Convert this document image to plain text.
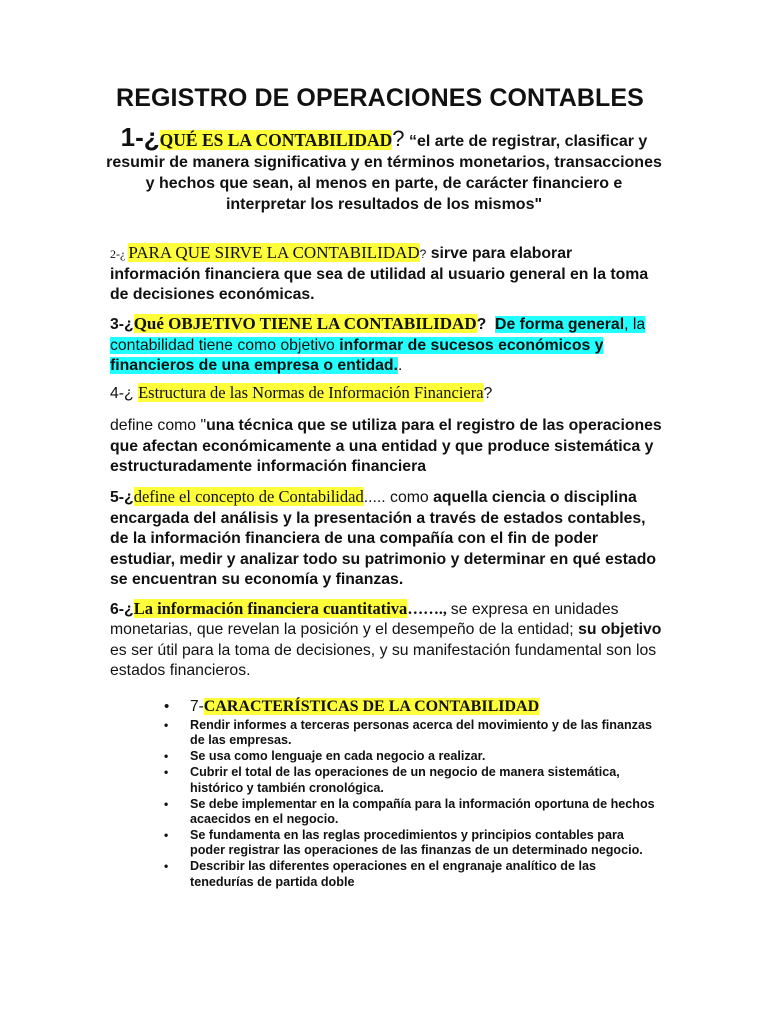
REGISTRO DE OPERACIONES CONTABLES
1-¿QUÉ ES LA CONTABILIDAD? “el arte de registrar, clasificar y resumir de manera significativa y en términos monetarios, transacciones y hechos que sean, al menos en parte, de carácter financiero e interpretar los resultados de los mismos"
2-¿ PARA QUE SIRVE LA CONTABILIDAD? sirve para elaborar información financiera que sea de utilidad al usuario general en la toma de decisiones económicas.
3-¿Qué OBJETIVO TIENE LA CONTABILIDAD? De forma general, la contabilidad tiene como objetivo informar de sucesos económicos y financieros de una empresa o entidad..
4-¿ Estructura de las Normas de Información Financiera?
define como "una técnica que se utiliza para el registro de las operaciones que afectan económicamente a una entidad y que produce sistemática y estructuradamente información financiera
5-¿define el concepto de Contabilidad..... como aquella ciencia o disciplina encargada del análisis y la presentación a través de estados contables, de la información financiera de una compañía con el fin de poder estudiar, medir y analizar todo su patrimonio y determinar en qué estado se encuentran su economía y finanzas.
6-¿La información financiera cuantitativa……., se expresa en unidades monetarias, que revelan la posición y el desempeño de la entidad; su objetivo es ser útil para la toma de decisiones, y su manifestación fundamental son los estados financieros.
• 7-CARACTERÍSTICAS DE LA CONTABILIDAD
• Rendir informes a terceras personas acerca del movimiento y de las finanzas de las empresas.
• Se usa como lenguaje en cada negocio a realizar.
• Cubrir el total de las operaciones de un negocio de manera sistemática, histórico y también cronológica.
• Se debe implementar en la compañía para la información oportuna de hechos acaecidos en el negocio.
• Se fundamenta en las reglas procedimientos y principios contables para poder registrar las operaciones de las finanzas de un determinado negocio.
• Describir las diferentes operaciones en el engranaje analítico de las tenedurías de partida doble
